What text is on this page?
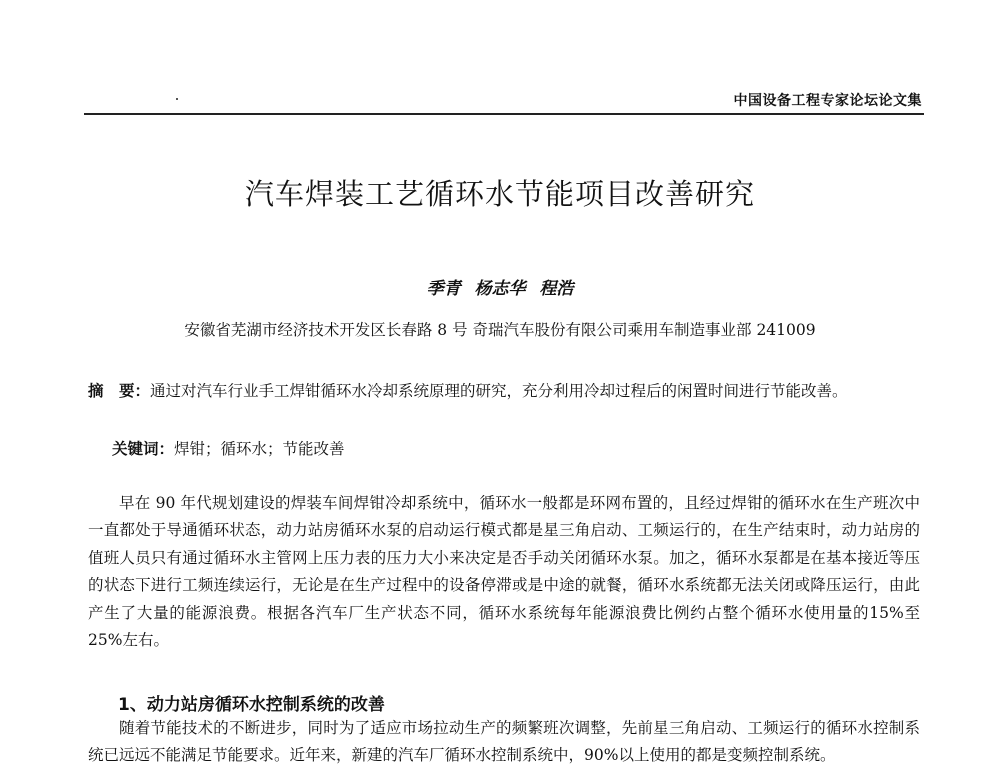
中国设备工程专家论坛论文集
汽车焊装工艺循环水节能项目改善研究
季青 杨志华 程浩
安徽省芜湖市经济技术开发区长春路 8 号 奇瑞汽车股份有限公司乘用车制造事业部 241009
摘　要：通过对汽车行业手工焊钳循环水冷却系统原理的研究，充分利用冷却过程后的闲置时间进行节能改善。
关键词：焊钳；循环水；节能改善
早在 90 年代规划建设的焊装车间焊钳冷却系统中，循环水一般都是环网布置的，且经过焊钳的循环水在生产班次中一直都处于导通循环状态，动力站房循环水泵的启动运行模式都是星三角启动、工频运行的，在生产结束时，动力站房的值班人员只有通过循环水主管网上压力表的压力大小来决定是否手动关闭循环水泵。加之，循环水泵都是在基本接近等压的状态下进行工频连续运行，无论是在生产过程中的设备停滞或是中途的就餐，循环水系统都无法关闭或降压运行，由此产生了大量的能源浪费。根据各汽车厂生产状态不同，循环水系统每年能源浪费比例约占整个循环水使用量的15%至 25%左右。
1、动力站房循环水控制系统的改善
随着节能技术的不断进步，同时为了适应市场拉动生产的频繁班次调整，先前星三角启动、工频运行的循环水控制系统已远远不能满足节能要求。近年来，新建的汽车厂循环水控制系统中，90%以上使用的都是变频控制系统。
